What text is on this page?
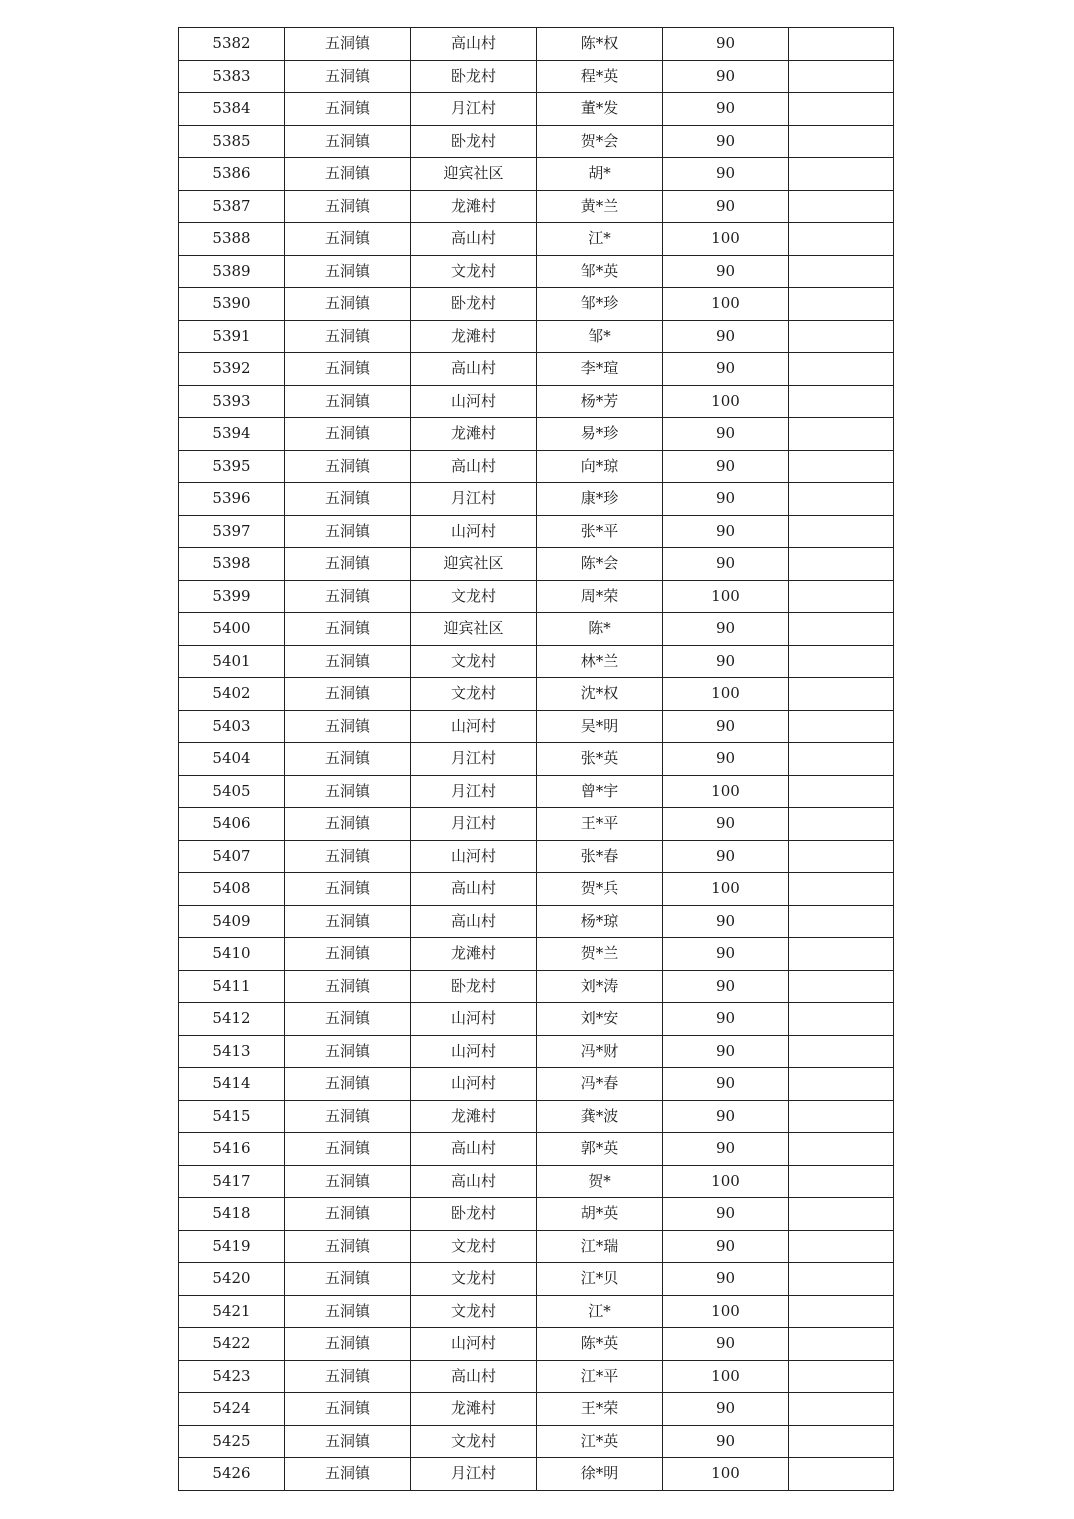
5382	五洞镇	高山村	陈*权	90	
5383	五洞镇	卧龙村	程*英	90	
5384	五洞镇	月江村	董*发	90	
5385	五洞镇	卧龙村	贺*会	90	
5386	五洞镇	迎宾社区	胡*	90	
5387	五洞镇	龙滩村	黄*兰	90	
5388	五洞镇	高山村	江*	100	
5389	五洞镇	文龙村	邹*英	90	
5390	五洞镇	卧龙村	邹*珍	100	
5391	五洞镇	龙滩村	邹*	90	
5392	五洞镇	高山村	李*瑄	90	
5393	五洞镇	山河村	杨*芳	100	
5394	五洞镇	龙滩村	易*珍	90	
5395	五洞镇	高山村	向*琼	90	
5396	五洞镇	月江村	康*珍	90	
5397	五洞镇	山河村	张*平	90	
5398	五洞镇	迎宾社区	陈*会	90	
5399	五洞镇	文龙村	周*荣	100	
5400	五洞镇	迎宾社区	陈*	90	
5401	五洞镇	文龙村	林*兰	90	
5402	五洞镇	文龙村	沈*权	100	
5403	五洞镇	山河村	吴*明	90	
5404	五洞镇	月江村	张*英	90	
5405	五洞镇	月江村	曾*宇	100	
5406	五洞镇	月江村	王*平	90	
5407	五洞镇	山河村	张*春	90	
5408	五洞镇	高山村	贺*兵	100	
5409	五洞镇	高山村	杨*琼	90	
5410	五洞镇	龙滩村	贺*兰	90	
5411	五洞镇	卧龙村	刘*涛	90	
5412	五洞镇	山河村	刘*安	90	
5413	五洞镇	山河村	冯*财	90	
5414	五洞镇	山河村	冯*春	90	
5415	五洞镇	龙滩村	龚*波	90	
5416	五洞镇	高山村	郭*英	90	
5417	五洞镇	高山村	贺*	100	
5418	五洞镇	卧龙村	胡*英	90	
5419	五洞镇	文龙村	江*瑞	90	
5420	五洞镇	文龙村	江*贝	90	
5421	五洞镇	文龙村	江*	100	
5422	五洞镇	山河村	陈*英	90	
5423	五洞镇	高山村	江*平	100	
5424	五洞镇	龙滩村	王*荣	90	
5425	五洞镇	文龙村	江*英	90	
5426	五洞镇	月江村	徐*明	100	
